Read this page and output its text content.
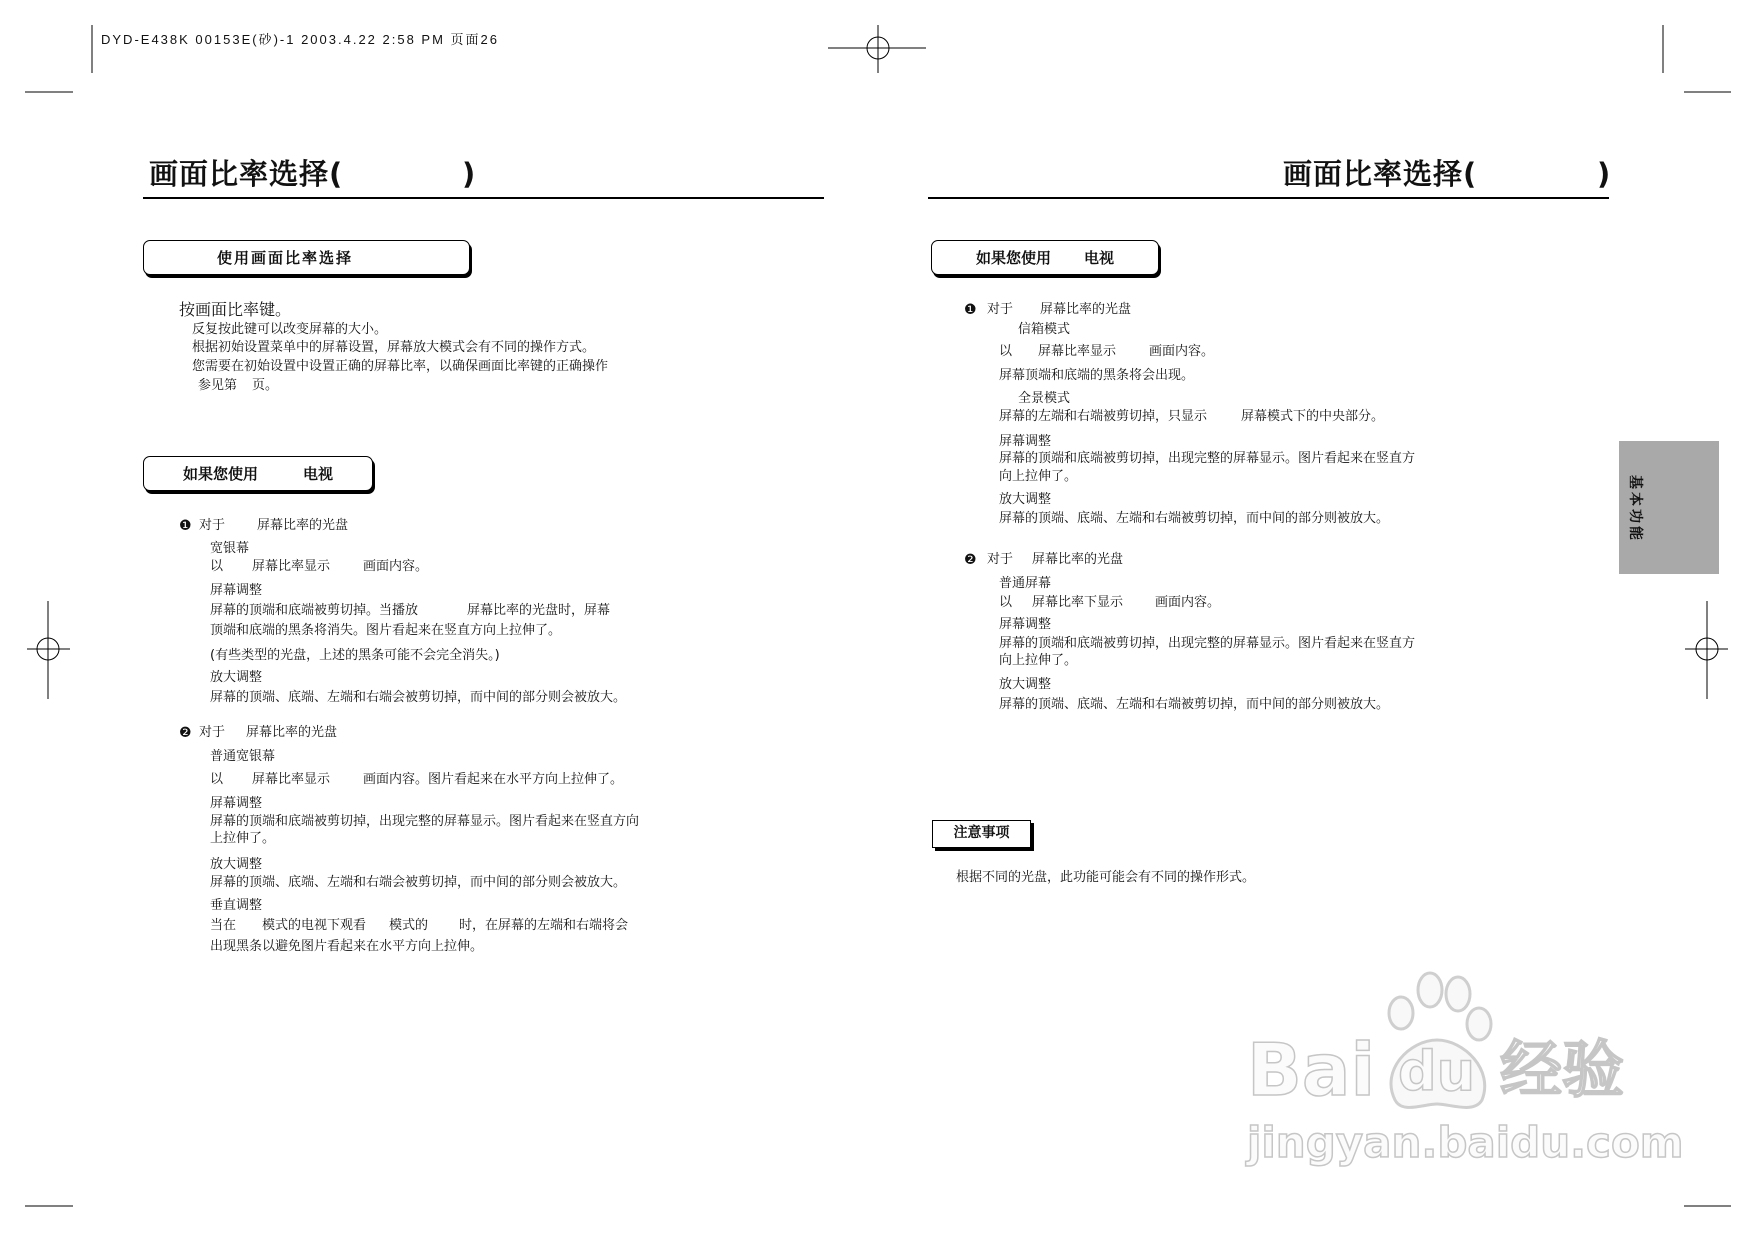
DYD-E438K 00153E(砂)-1 2003.4.22 2:58 PM 页面26
画面比率选择(	)
使用画面比率选择
按画面比率键。
反复按此键可以改变屏幕的大小。
根据初始设置菜单中的屏幕设置，屏幕放大模式会有不同的操作方式。
您需要在初始设置中设置正确的屏幕比率，以确保画面比率键的正确操作
参见第 页。
如果您使用	电视
❶ 对于 屏幕比率的光盘
宽银幕
以 屏幕比率显示	画面内容。
屏幕调整
屏幕的顶端和底端被剪切掉。当播放	屏幕比率的光盘时，屏幕
顶端和底端的黑条将消失。图片看起来在竖直方向上拉伸了。
(有些类型的光盘，上述的黑条可能不会完全消失。)
放大调整
屏幕的顶端、底端、左端和右端会被剪切掉，而中间的部分则会被放大。
❷ 对于 屏幕比率的光盘
普通宽银幕
以 屏幕比率显示	画面内容。图片看起来在水平方向上拉伸了。
屏幕调整
屏幕的顶端和底端被剪切掉，出现完整的屏幕显示。图片看起来在竖直方向
上拉伸了。
放大调整
屏幕的顶端、底端、左端和右端会被剪切掉，而中间的部分则会被放大。
垂直调整
当在 模式的电视下观看 模式的 时，在屏幕的左端和右端将会
出现黑条以避免图片看起来在水平方向上拉伸。
画面比率选择(	)
如果您使用 电视
❶ 对于 屏幕比率的光盘
信箱模式
以 屏幕比率显示	画面内容。
屏幕顶端和底端的黑条将会出现。
全景模式
屏幕的左端和右端被剪切掉，只显示	屏幕模式下的中央部分。
屏幕调整
屏幕的顶端和底端被剪切掉，出现完整的屏幕显示。图片看起来在竖直方
向上拉伸了。
放大调整
屏幕的顶端、底端、左端和右端被剪切掉，而中间的部分则被放大。
❷ 对于 屏幕比率的光盘
普通屏幕
以 屏幕比率下显示 画面内容。
屏幕调整
屏幕的顶端和底端被剪切掉，出现完整的屏幕显示。图片看起来在竖直方
向上拉伸了。
放大调整
屏幕的顶端、底端、左端和右端被剪切掉，而中间的部分则被放大。
注意事项
根据不同的光盘，此功能可能会有不同的操作形式。
基本功能
Bai du 经验
jingyan.baidu.com
